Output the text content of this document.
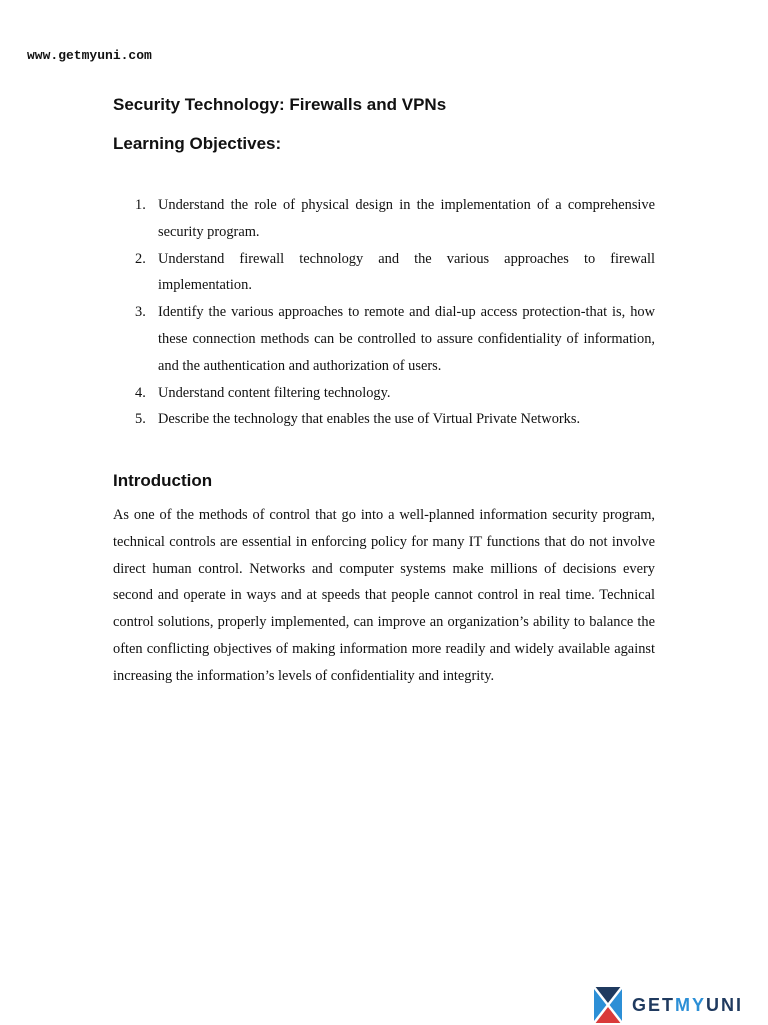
www.getmyuni.com
Security Technology: Firewalls and VPNs
Learning Objectives:
1. Understand the role of physical design in the implementation of a comprehensive security program.
2. Understand firewall technology and the various approaches to firewall implementation.
3. Identify the various approaches to remote and dial-up access protection-that is, how these connection methods can be controlled to assure confidentiality of information, and the authentication and authorization of users.
4. Understand content filtering technology.
5. Describe the technology that enables the use of Virtual Private Networks.
Introduction

As one of the methods of control that go into a well-planned information security program, technical controls are essential in enforcing policy for many IT functions that do not involve direct human control. Networks and computer systems make millions of decisions every second and operate in ways and at speeds that people cannot control in real time. Technical control solutions, properly implemented, can improve an organization’s ability to balance the often conflicting objectives of making information more readily and widely available against increasing the information’s levels of confidentiality and integrity.

GETMYUNI
